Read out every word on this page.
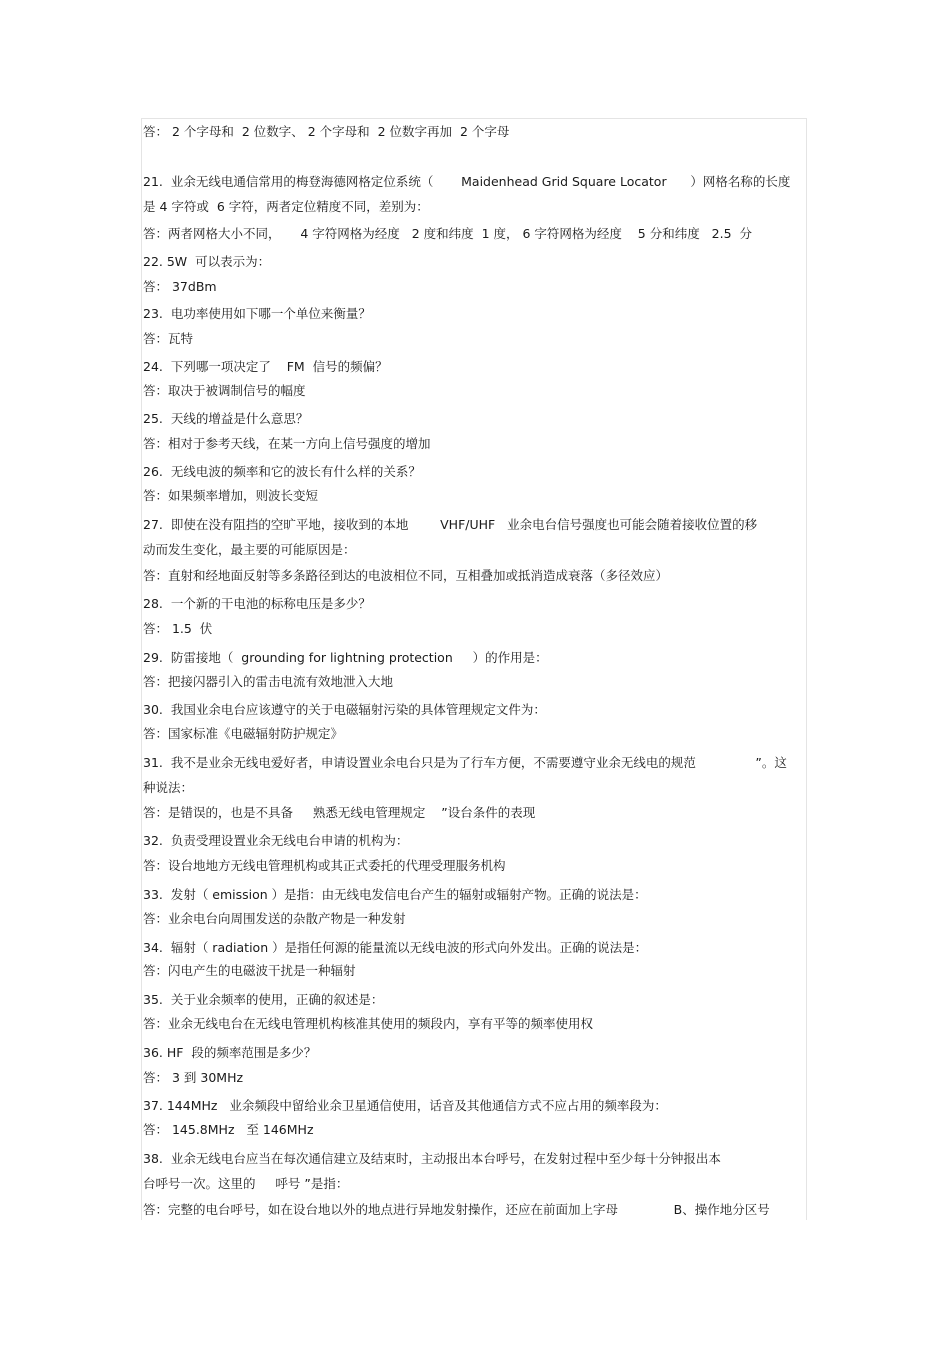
答： 2 个字母和  2 位数字、 2 个字母和  2 位数字再加  2 个字母
21.  业余无线电通信常用的梅登海德网格定位系统（       Maidenhead Grid Square Locator      ）网格名称的长度
是 4 字符或  6 字符，两者定位精度不同，差别为：
答：两者网格大小不同，     4 字符网格为经度   2 度和纬度  1 度， 6 字符网格为经度    5 分和纬度   2.5  分
22. 5W  可以表示为：
答： 37dBm
23.  电功率使用如下哪一个单位来衡量？
答：瓦特
24.  下列哪一项决定了    FM  信号的频偏？
答：取决于被调制信号的幅度
25.  天线的增益是什么意思？
答：相对于参考天线，在某一方向上信号强度的增加
26.  无线电波的频率和它的波长有什么样的关系？
答：如果频率增加，则波长变短
27.  即使在没有阻挡的空旷平地，接收到的本地        VHF/UHF   业余电台信号强度也可能会随着接收位置的移
动而发生变化，最主要的可能原因是：
答：直射和经地面反射等多条路径到达的电波相位不同，互相叠加或抵消造成衰落（多径效应）
28.  一个新的干电池的标称电压是多少？
答： 1.5  伏
29.  防雷接地（  grounding for lightning protection     ）的作用是：
答：把接闪器引入的雷击电流有效地泄入大地
30.  我国业余电台应该遵守的关于电磁辐射污染的具体管理规定文件为：
答：国家标准《电磁辐射防护规定》
31.  我不是业余无线电爱好者，申请设置业余电台只是为了行车方便，不需要遵守业余无线电的规范               ”。这
种说法：
答：是错误的，也是不具备     熟悉无线电管理规定    ”设台条件的表现
32.  负责受理设置业余无线电台申请的机构为：
答：设台地地方无线电管理机构或其正式委托的代理受理服务机构
33.  发射（ emission ）是指：由无线电发信电台产生的辐射或辐射产物。正确的说法是：
答：业余电台向周围发送的杂散产物是一种发射
34.  辐射（ radiation ）是指任何源的能量流以无线电波的形式向外发出。正确的说法是：
答：闪电产生的电磁波干扰是一种辐射
35.  关于业余频率的使用，正确的叙述是：
答：业余无线电台在无线电管理机构核准其使用的频段内，享有平等的频率使用权
36. HF  段的频率范围是多少？
答： 3 到 30MHz
37. 144MHz   业余频段中留给业余卫星通信使用，话音及其他通信方式不应占用的频率段为：
答： 145.8MHz   至 146MHz
38.  业余无线电台应当在每次通信建立及结束时，主动报出本台呼号，在发射过程中至少每十分钟报出本
台呼号一次。这里的     呼号 ”是指：
答：完整的电台呼号，如在设台地以外的地点进行异地发射操作，还应在前面加上字母              B、操作地分区号
